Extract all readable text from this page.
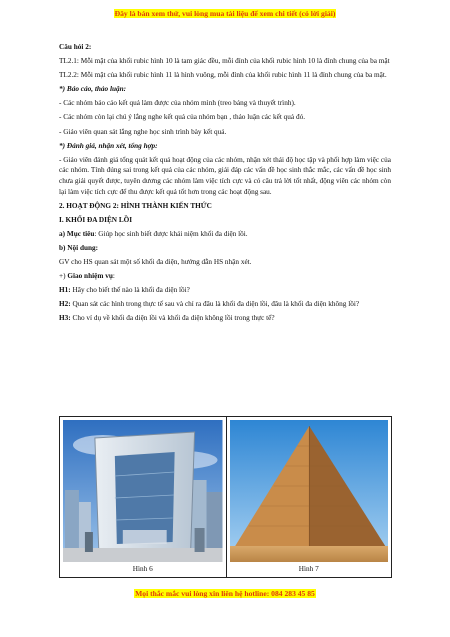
Đây là bản xem thử, vui lòng mua tài liệu để xem chi tiết (có lời giải)

Câu hỏi 2:

TL2.1: Mỗi mặt của khối rubic hình 10 là tam giác đều, mỗi đỉnh của khối rubic hình 10 là đỉnh chung của ba mặt

TL2.2: Mỗi mặt của khối rubic hình 11 là hình vuông, mỗi đỉnh của khối rubic hình 11 là đỉnh chung của ba mặt.

*) Báo cáo, thảo luận:

- Các nhóm báo cáo kết quả làm được của nhóm mình (treo bảng và thuyết trình).

- Các nhóm còn lại chú ý lắng nghe kết quả của nhóm bạn , thảo luận các kết quả đó.

- Giáo viên quan sát lắng nghe học sinh trình bày kết quả.

*) Đánh giá, nhận xét, tổng hợp:

- Giáo viên đánh giá tổng quát kết quả hoạt động của các nhóm, nhận xét thái độ học tập và phối hợp làm việc của các nhóm. Tính đúng sai trong kết quả của các nhóm, giải đáp các vấn đề học sinh thắc mắc, các vấn đề học sinh chưa giải quyết được, tuyên dương các nhóm làm việc tích cực và có câu trả lời tốt nhất, động viên các nhóm còn lại làm việc tích cực để thu được kết quả tốt hơn trong các hoạt động sau.

2. HOẠT ĐỘNG 2: HÌNH THÀNH KIẾN THỨC

I. KHỐI ĐA DIỆN LỒI

a) Mục tiêu: Giúp học sinh biết được khái niệm khối đa diện lồi.

b) Nội dung:

GV cho HS quan sát một số khối đa diện, hướng dẫn HS nhận xét.

+) Giao nhiệm vụ:

H1: Hãy cho biết thế nào là khối đa diện lồi?

H2: Quan sát các hình trong thực tế sau và chỉ ra đâu là khối đa diện lồi, đâu là khối đa diện không lồi?

H3: Cho ví dụ về khối đa diện lồi và khối đa diện không lồi trong thực tế?

Hình 6	Hình 7
Mọi thắc mắc vui lòng xin liên hệ hotline: 084 283 45 85
